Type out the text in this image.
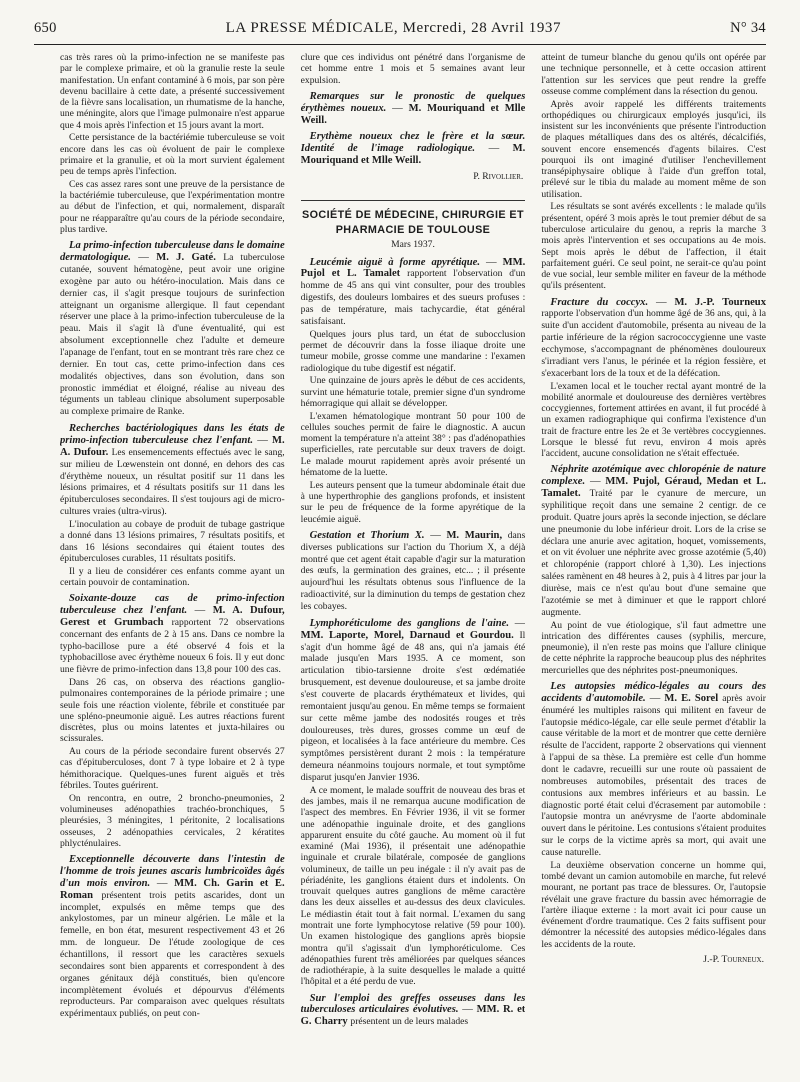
650	LA PRESSE MÉDICALE, Mercredi, 28 Avril 1937	N° 34

cas très rares où la primo-infection ne se manifeste pas par le complexe primaire, et où la granulie reste la seule manifestation. Un enfant contaminé à 6 mois, par son père devenu bacillaire à cette date, a présenté successivement de la fièvre sans localisation, un rhumatisme de la hanche, une méningite, alors que l'image pulmonaire n'est apparue que 4 mois après l'infection et 15 jours avant la mort.

Cette persistance de la bactériémie tuberculeuse se voit encore dans les cas où évoluent de pair le complexe primaire et la granulie, et où la mort survient également peu de temps après l'infection.

Ces cas assez rares sont une preuve de la persistance de la bactériémie tuberculeuse, que l'expérimentation montre au début de l'infection, et qui, normalement, disparaît pour ne réapparaître qu'au cours de la période secondaire, plus tardive.

La primo-infection tuberculeuse dans le domaine dermatologique. — M. J. Gaté. La tuberculose cutanée, souvent hématogène, peut avoir une origine exogène par auto ou hétéro-inoculation. Mais dans ce dernier cas, il s'agit presque toujours de surinfection atteignant un organisme allergique. Il faut cependant réserver une place à la primo-infection tuberculeuse de la peau. Mais il s'agit là d'une éventualité, qui est absolument exceptionnelle chez l'adulte et demeure l'apanage de l'enfant, tout en se montrant très rare chez ce dernier. En tout cas, cette primo-infection dans ces modalités objectives, dans son évolution, dans son pronostic immédiat et éloigné, réalise au niveau des téguments un tableau clinique absolument superposable au complexe primaire de Ranke.
Recherches bactériologiques dans les états de primo-infection tuberculeuse chez l'enfant. — M. A. Dufour. Les ensemencements effectués avec le sang, sur milieu de Lœwenstein ont donné, en dehors des cas d'érythème noueux, un résultat positif sur 11 dans les lésions primaires, et 4 résultats positifs sur 11 dans les épituberculoses secondaires. Il s'est toujours agi de micro-cultures vraies (ultra-virus).

L'inoculation au cobaye de produit de tubage gastrique a donné dans 13 lésions primaires, 7 résultats positifs, et dans 16 lésions secondaires qui étaient toutes des épituberculoses curables, 11 résultats positifs.

Il y a lieu de considérer ces enfants comme ayant un certain pouvoir de contamination.

Soixante-douze cas de primo-infection tuberculeuse chez l'enfant. — M. A. Dufour, Gerest et Grumbach rapportent 72 observations concernant des enfants de 2 à 15 ans. Dans ce nombre la typho-bacillose pure a été observé 4 fois et la typhobacillose avec érythème noueux 6 fois. Il y eut donc une fièvre de primo-infection dans 13,8 pour 100 des cas.

Dans 26 cas, on observa des réactions ganglio-pulmonaires contemporaines de la période primaire ; une seule fois une réaction violente, fébrile et constituée par une spléno-pneumonie aiguë. Les autres réactions furent discrètes, plus ou moins latentes et juxta-hilaires ou scissurales.

Au cours de la période secondaire furent observés 27 cas d'épituberculoses, dont 7 à type lobaire et 2 à type hémithoracique. Quelques-unes furent aiguës et très fébriles. Toutes guérirent.

On rencontra, en outre, 2 broncho-pneumonies, 2 volumineuses adénopathies trachéo-bronchiques, 5 pleurésies, 3 méningites, 1 péritonite, 2 localisations osseuses, 2 adénopathies cervicales, 2 kératites phlycténulaires.

Exceptionnelle découverte dans l'intestin de l'homme de trois jeunes ascaris lumbricoïdes âgés d'un mois environ. — MM. Ch. Garin et E. Roman présentent trois petits ascarides, dont un incomplet, expulsés en même temps que des ankylostomes, par un mineur algérien. Le mâle et la femelle, en bon état, mesurent respectivement 43 et 26 mm. de longueur. De l'étude zoologique de ces échantillons, il ressort que les caractères sexuels secondaires sont bien apparents et correspondent à des organes génitaux déjà constitués, bien qu'encore incomplètement évolués et dépourvus d'éléments reproducteurs. Par comparaison avec quelques résultats expérimentaux publiés, on peut con-

clure que ces individus ont pénétré dans l'organisme de cet homme entre 1 mois et 5 semaines avant leur expulsion.

Remarques sur le pronostic de quelques érythèmes noueux. — M. Mouriquand et Mlle Weill.
Erythème noueux chez le frère et la sœur. Identité de l'image radiologique. — M. Mouriquand et Mlle Weill.
P. Rivollier.
SOCIÉTÉ DE MÉDECINE, CHIRURGIE ET PHARMACIE DE TOULOUSE
Mars 1937.
Leucémie aiguë à forme apyrétique. — MM. Pujol et L. Tamalet rapportent l'observation d'un homme de 45 ans qui vint consulter, pour des troubles digestifs, des douleurs lombaires et des sueurs profuses : pas de température, mais tachycardie, état général satisfaisant.

Quelques jours plus tard, un état de subocclusion permet de découvrir dans la fosse iliaque droite une tumeur mobile, grosse comme une mandarine : l'examen radiologique du tube digestif est négatif.

Une quinzaine de jours après le début de ces accidents, survint une hématurie totale, premier signe d'un syndrome hémorragique qui allait se développer.

L'examen hématologique montrant 50 pour 100 de cellules souches permit de faire le diagnostic. A aucun moment la température n'a atteint 38° : pas d'adénopathies superficielles, rate percutable sur deux travers de doigt. Le malade mourut rapidement après avoir présenté un hématome de la luette.

Les auteurs pensent que la tumeur abdominale était due à une hyperthrophie des ganglions profonds, et insistent sur le peu de fréquence de la forme apyrétique de la leucémie aiguë.

Gestation et Thorium X. — M. Maurin, dans diverses publications sur l'action du Thorium X, a déjà montré que cet agent était capable d'agir sur la maturation des œufs, la germination des graines, etc... ; il présente aujourd'hui les résultats obtenus sous l'influence de la radioactivité, sur la diminution du temps de gestation chez les cobayes.
Lymphoréticulome des ganglions de l'aine. — MM. Laporte, Morel, Darnaud et Gourdou. Il s'agit d'un homme âgé de 48 ans, qui n'a jamais été malade jusqu'en Mars 1935. A ce moment, son articulation tibio-tarsienne droite s'est œdématiée brusquement, est devenue douloureuse, et sa jambe droite s'est couverte de placards érythémateux et livides, qui remontaient jusqu'au genou. En même temps se formaient sur cette même jambe des nodosités rouges et très douloureuses, très dures, grosses comme un œuf de pigeon, et localisées à la face antérieure du membre. Ces symptômes persistèrent durant 2 mois : la température demeura néanmoins toujours normale, et tout symptôme disparut jusqu'en Janvier 1936.

A ce moment, le malade souffrit de nouveau des bras et des jambes, mais il ne remarqua aucune modification de l'aspect des membres. En Février 1936, il vit se former une adénopathie inguinale droite, et des ganglions apparurent ensuite du côté gauche. Au moment où il fut examiné (Mai 1936), il présentait une adénopathie inguinale et crurale bilatérale, composée de ganglions volumineux, de taille un peu inégale : il n'y avait pas de périadénite, les ganglions étaient durs et indolents. On trouvait quelques autres ganglions de même caractère dans les deux aisselles et au-dessus des deux clavicules. Le médiastin était tout à fait normal. L'examen du sang montrait une forte lymphocytose relative (59 pour 100). Un examen histologique des ganglions après biopsie montra qu'il s'agissait d'un lymphoréticulome. Ces adénopathies furent très améliorées par quelques séances de radiothérapie, à la suite desquelles le malade a quitté l'hôpital et a été perdu de vue.

Sur l'emploi des greffes osseuses dans les tuberculoses articulaires évolutives. — MM. R. et G. Charry présentent un de leurs malades

atteint de tumeur blanche du genou qu'ils ont opérée par une technique personnelle, et à cette occasion attirent l'attention sur les services que peut rendre la greffe osseuse comme complément dans la résection du genou.

Après avoir rappelé les différents traitements orthopédiques ou chirurgicaux employés jusqu'ici, ils insistent sur les inconvénients que présente l'introduction de plaques métalliques dans des os altérés, décalcifiés, souvent encore ensemencés d'agents bilaires. C'est pourquoi ils ont imaginé d'utiliser l'enchevillement transépiphysaire oblique à l'aide d'un greffon total, prélevé sur le tibia du malade au moment même de son utilisation.

Les résultats se sont avérés excellents : le malade qu'ils présentent, opéré 3 mois après le tout premier début de sa tuberculose articulaire du genou, a repris la marche 3 mois après l'intervention et ses occupations au 4e mois. Sept mois après le début de l'affection, il était parfaitement guéri. Ce seul point, ne serait-ce qu'au point de vue social, leur semble militer en faveur de la méthode qu'ils présentent.

Fracture du coccyx. — M. J.-P. Tourneux rapporte l'observation d'un homme âgé de 36 ans, qui, à la suite d'un accident d'automobile, présenta au niveau de la partie inférieure de la région sacrococcygienne une vaste ecchymose, s'accompagnant de phénomènes douloureux s'irradiant vers l'anus, le périnée et la région fessière, et s'exacerbant lors de la toux et de la défécation.

L'examen local et le toucher rectal ayant montré de la mobilité anormale et douloureuse des dernières vertèbres coccygiennes, fortement attirées en avant, il fut procédé à un examen radiographique qui confirma l'existence d'un trait de fracture entre les 2e et 3e vertèbres coccygiennes. Lorsque le blessé fut revu, environ 4 mois après l'accident, aucune consolidation ne s'était effectuée.

Néphrite azotémique avec chloropénie de nature complexe. — MM. Pujol, Géraud, Medan et L. Tamalet. Traité par le cyanure de mercure, un syphilitique reçoit dans une semaine 2 centigr. de ce produit. Quatre jours après la seconde injection, se déclare une pneumonie du lobe inférieur droit. Lors de la crise se déclara une anurie avec agitation, hoquet, vomissements, et on vit évoluer une néphrite avec grosse azotémie (5,40) et chloropénie (rapport chloré à 1,30). Les injections salées ramènent en 48 heures à 2, puis à 4 litres par jour la diurèse, mais ce n'est qu'au bout d'une semaine que l'azotémie se met à diminuer et que le rapport chloré augmente.

Au point de vue étiologique, s'il faut admettre une intrication des différentes causes (syphilis, mercure, pneumonie), il n'en reste pas moins que l'allure clinique de cette néphrite la rapproche beaucoup plus des néphrites mercurielles que des néphrites post-pneumoniques.

Les autopsies médico-légales au cours des accidents d'automobile. — M. E. Sorel après avoir énuméré les multiples raisons qui militent en faveur de l'autopsie médico-légale, car elle seule permet d'établir la cause véritable de la mort et de montrer que cette dernière résulte de l'accident, rapporte 2 observations qui viennent à l'appui de sa thèse. La première est celle d'un homme dont le cadavre, recueilli sur une route où passaient de nombreuses automobiles, présentait des traces de contusions aux membres inférieurs et au bassin. Le diagnostic porté était celui d'écrasement par automobile : l'autopsie montra un anévrysme de l'aorte abdominale ouvert dans le péritoine. Les contusions s'étaient produites sur le corps de la victime après sa mort, qui avait une cause naturelle.

La deuxième observation concerne un homme qui, tombé devant un camion automobile en marche, fut relevé mourant, ne portant pas trace de blessures. Or, l'autopsie révélait une grave fracture du bassin avec hémorragie de l'artère iliaque externe : la mort avait ici pour cause un événement d'ordre traumatique. Ces 2 faits suffisent pour démontrer la nécessité des autopsies médico-légales dans les accidents de la route.

J.-P. Tourneux.
